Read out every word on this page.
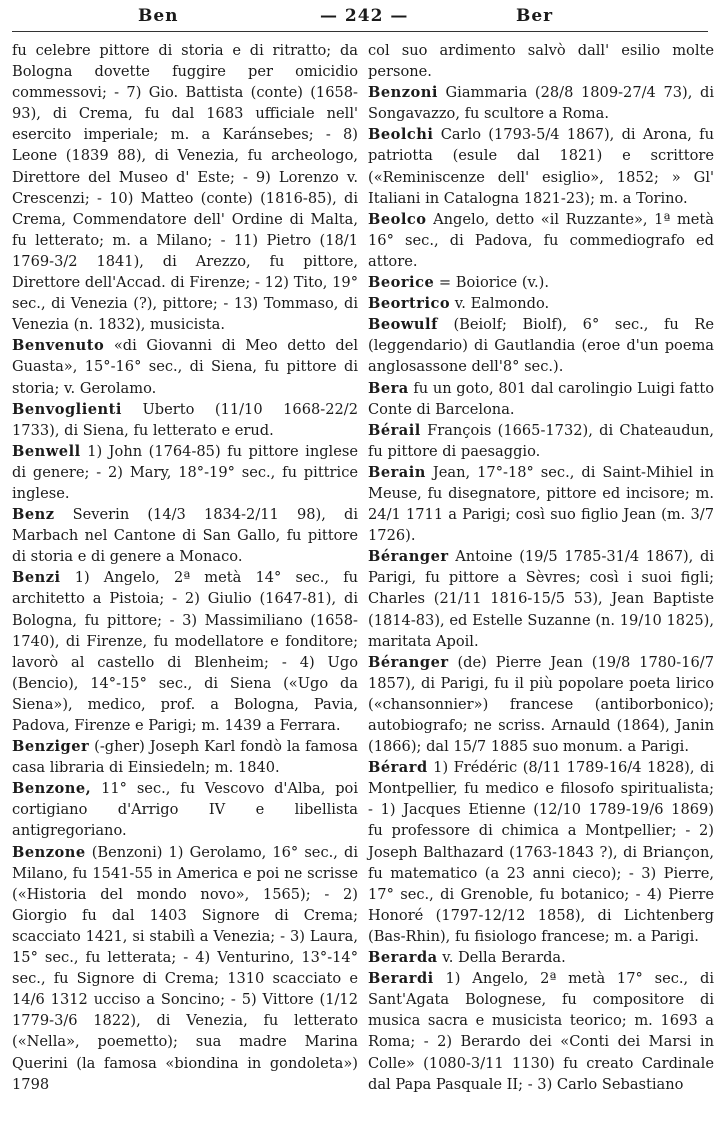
Ben	— 242 —	Ber

fu celebre pittore di storia e di ritratto; da Bologna dovette fuggire per omicidio commessovi; - 7) Gio. Battista (conte) (1658-93), di Crema, fu dal 1683 ufficiale nell' esercito imperiale; m. a Karánsebes; - 8) Leone (1839 88), di Venezia, fu archeologo, Direttore del Museo d' Este; - 9) Lorenzo v. Crescenzi; - 10) Matteo (conte) (1816-85), di Crema, Commendatore dell' Ordine di Malta, fu letterato; m. a Milano; - 11) Pietro (18/1 1769-3/2 1841), di Arezzo, fu pittore, Direttore dell'Accad. di Firenze; - 12) Tito, 19° sec., di Venezia (?), pittore; - 13) Tommaso, di Venezia (n. 1832), musicista.

Benvenuto «di Giovanni di Meo detto del Guasta», 15°-16° sec., di Siena, fu pittore di storia; v. Gerolamo.

Benvoglienti Uberto (11/10 1668-22/2 1733), di Siena, fu letterato e erud.

Benwell 1) John (1764-85) fu pittore inglese di genere; - 2) Mary, 18°-19° sec., fu pittrice inglese.

Benz Severin (14/3 1834-2/11 98), di Marbach nel Cantone di San Gallo, fu pittore di storia e di genere a Monaco.

Benzi 1) Angelo, 2ª metà 14° sec., fu architetto a Pistoia; - 2) Giulio (1647-81), di Bologna, fu pittore; - 3) Massimiliano (1658-1740), di Firenze, fu modellatore e fonditore; lavorò al castello di Blenheim; - 4) Ugo (Bencio), 14°-15° sec., di Siena («Ugo da Siena»), medico, prof. a Bologna, Pavia, Padova, Firenze e Parigi; m. 1439 a Ferrara.

Benziger (-gher) Joseph Karl fondò la famosa casa libraria di Einsiedeln; m. 1840.

Benzone, 11° sec., fu Vescovo d'Alba, poi cortigiano d'Arrigo IV e libellista antigregoriano.

Benzone (Benzoni) 1) Gerolamo, 16° sec., di Milano, fu 1541-55 in America e poi ne scrisse («Historia del mondo novo», 1565); - 2) Giorgio fu dal 1403 Signore di Crema; scacciato 1421, si stabilì a Venezia; - 3) Laura, 15° sec., fu letterata; - 4) Venturino, 13°-14° sec., fu Signore di Crema; 1310 scacciato e 14/6 1312 ucciso a Soncino; - 5) Vittore (1/12 1779-3/6 1822), di Venezia, fu letterato («Nella», poemetto); sua madre Marina Querini (la famosa «biondina in gondoleta») 1798

col suo ardimento salvò dall' esilio molte persone.

Benzoni Giammaria (28/8 1809-27/4 73), di Songavazzo, fu scultore a Roma.

Beolchi Carlo (1793-5/4 1867), di Arona, fu patriotta (esule dal 1821) e scrittore («Reminiscenze dell' esiglio», 1852; » Gl' Italiani in Catalogna 1821-23); m. a Torino.

Beolco Angelo, detto «il Ruzzante», 1ª metà 16° sec., di Padova, fu commediografo ed attore.

Beorice = Boiorice (v.).

Beortrico v. Ealmondo.

Beowulf (Beiolf; Biolf), 6° sec., fu Re (leggendario) di Gautlandia (eroe d'un poema anglosassone dell'8° sec.).

Bera fu un goto, 801 dal carolingio Luigi fatto Conte di Barcelona.

Bérail François (1665-1732), di Chateaudun, fu pittore di paesaggio.

Berain Jean, 17°-18° sec., di Saint-Mihiel in Meuse, fu disegnatore, pittore ed incisore; m. 24/1 1711 a Parigi; così suo figlio Jean (m. 3/7 1726).

Béranger Antoine (19/5 1785-31/4 1867), di Parigi, fu pittore a Sèvres; così i suoi figli; Charles (21/11 1816-15/5 53), Jean Baptiste (1814-83), ed Estelle Suzanne (n. 19/10 1825), maritata Apoil.

Béranger (de) Pierre Jean (19/8 1780-16/7 1857), di Parigi, fu il più popolare poeta lirico («chansonnier») francese (antiborbonico); autobiografo; ne scriss. Arnauld (1864), Janin (1866); dal 15/7 1885 suo monum. a Parigi.

Bérard 1) Frédéric (8/11 1789-16/4 1828), di Montpellier, fu medico e filosofo spiritualista; - 1) Jacques Etienne (12/10 1789-19/6 1869) fu professore di chimica a Montpellier; - 2) Joseph Balthazard (1763-1843 ?), di Briançon, fu matematico (a 23 anni cieco); - 3) Pierre, 17° sec., di Grenoble, fu botanico; - 4) Pierre Honoré (1797-12/12 1858), di Lichtenberg (Bas-Rhin), fu fisiologo francese; m. a Parigi.

Berarda v. Della Berarda.

Berardi 1) Angelo, 2ª metà 17° sec., di Sant'Agata Bolognese, fu compositore di musica sacra e musicista teorico; m. 1693 a Roma; - 2) Berardo dei «Conti dei Marsi in Colle» (1080-3/11 1130) fu creato Cardinale dal Papa Pasquale II; - 3) Carlo Sebastiano
